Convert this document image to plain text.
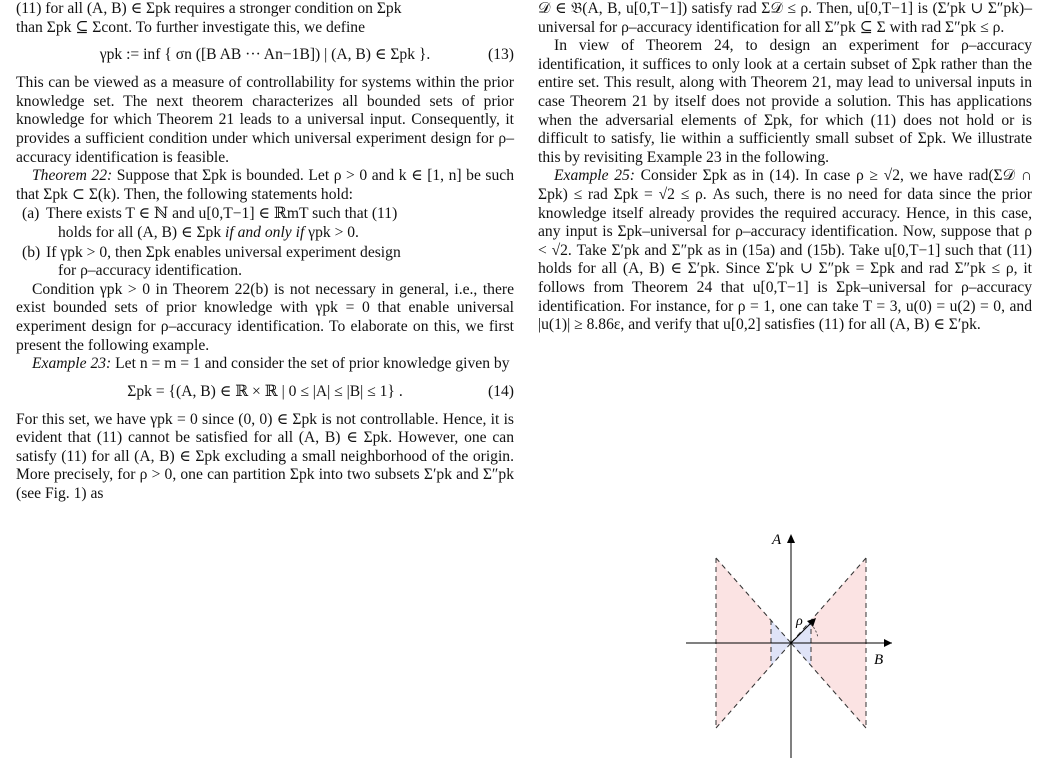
(11) for all (A, B) ∈ Σpk requires a stronger condition on Σpk

than Σpk ⊆ Σcont. To further investigate this, we define

γpk := inf { σn ([B AB ··· An−1B]) | (A, B) ∈ Σpk }.	(13)

This can be viewed as a measure of controllability for systems within the prior knowledge set. The next theorem characterizes all bounded sets of prior knowledge for which Theorem 21 leads to a universal input. Consequently, it provides a sufficient condition under which universal experiment design for ρ–accuracy identification is feasible.

Theorem 22: Suppose that Σpk is bounded. Let ρ > 0 and k ∈ [1, n] be such that Σpk ⊂ Σ(k). Then, the following statements hold:

(a) There exists T ∈ ℕ and u[0,T−1] ∈ ℝmT such that (11)
holds for all (A, B) ∈ Σpk if and only if γpk > 0.
(b) If γpk > 0, then Σpk enables universal experiment design
for ρ–accuracy identification.

Condition γpk > 0 in Theorem 22(b) is not necessary in general, i.e., there exist bounded sets of prior knowledge with γpk = 0 that enable universal experiment design for ρ–accuracy identification. To elaborate on this, we first present the following example.

Example 23: Let n = m = 1 and consider the set of prior knowledge given by

Σpk = {(A, B) ∈ ℝ × ℝ | 0 ≤ |A| ≤ |B| ≤ 1} .	(14)

For this set, we have γpk = 0 since (0, 0) ∈ Σpk is not controllable. Hence, it is evident that (11) cannot be satisfied for all (A, B) ∈ Σpk. However, one can satisfy (11) for all (A, B) ∈ Σpk excluding a small neighborhood of the origin. More precisely, for ρ > 0, one can partition Σpk into two subsets Σ′pk and Σ″pk (see Fig. 1) as

𝒟 ∈ 𝔅(A, B, u[0,T−1]) satisfy rad Σ𝒟 ≤ ρ. Then, u[0,T−1] is (Σ′pk ∪ Σ″pk)–universal for ρ–accuracy identification for all Σ″pk ⊆ Σ with rad Σ″pk ≤ ρ.

In view of Theorem 24, to design an experiment for ρ–accuracy identification, it suffices to only look at a certain subset of Σpk rather than the entire set. This result, along with Theorem 21, may lead to universal inputs in case Theorem 21 by itself does not provide a solution. This has applications when the adversarial elements of Σpk, for which (11) does not hold or is difficult to satisfy, lie within a sufficiently small subset of Σpk. We illustrate this by revisiting Example 23 in the following.

Example 25: Consider Σpk as in (14). In case ρ ≥ √2, we have rad(Σ𝒟 ∩ Σpk) ≤ rad Σpk = √2 ≤ ρ. As such, there is no need for data since the prior knowledge itself already provides the required accuracy. Hence, in this case, any input is Σpk–universal for ρ–accuracy identification. Now, suppose that ρ < √2. Take Σ′pk and Σ″pk as in (15a) and (15b). Take u[0,T−1] such that (11) holds for all (A, B) ∈ Σ′pk. Since Σ′pk ∪ Σ″pk = Σpk and rad Σ″pk ≤ ρ, it follows from Theorem 24 that u[0,T−1] is Σpk–universal for ρ–accuracy identification. For instance, for ρ = 1, one can take T = 3, u(0) = u(2) = 0, and |u(1)| ≥ 8.86ε, and verify that u[0,2] satisfies (11) for all (A, B) ∈ Σ′pk.

A
B
ρ
